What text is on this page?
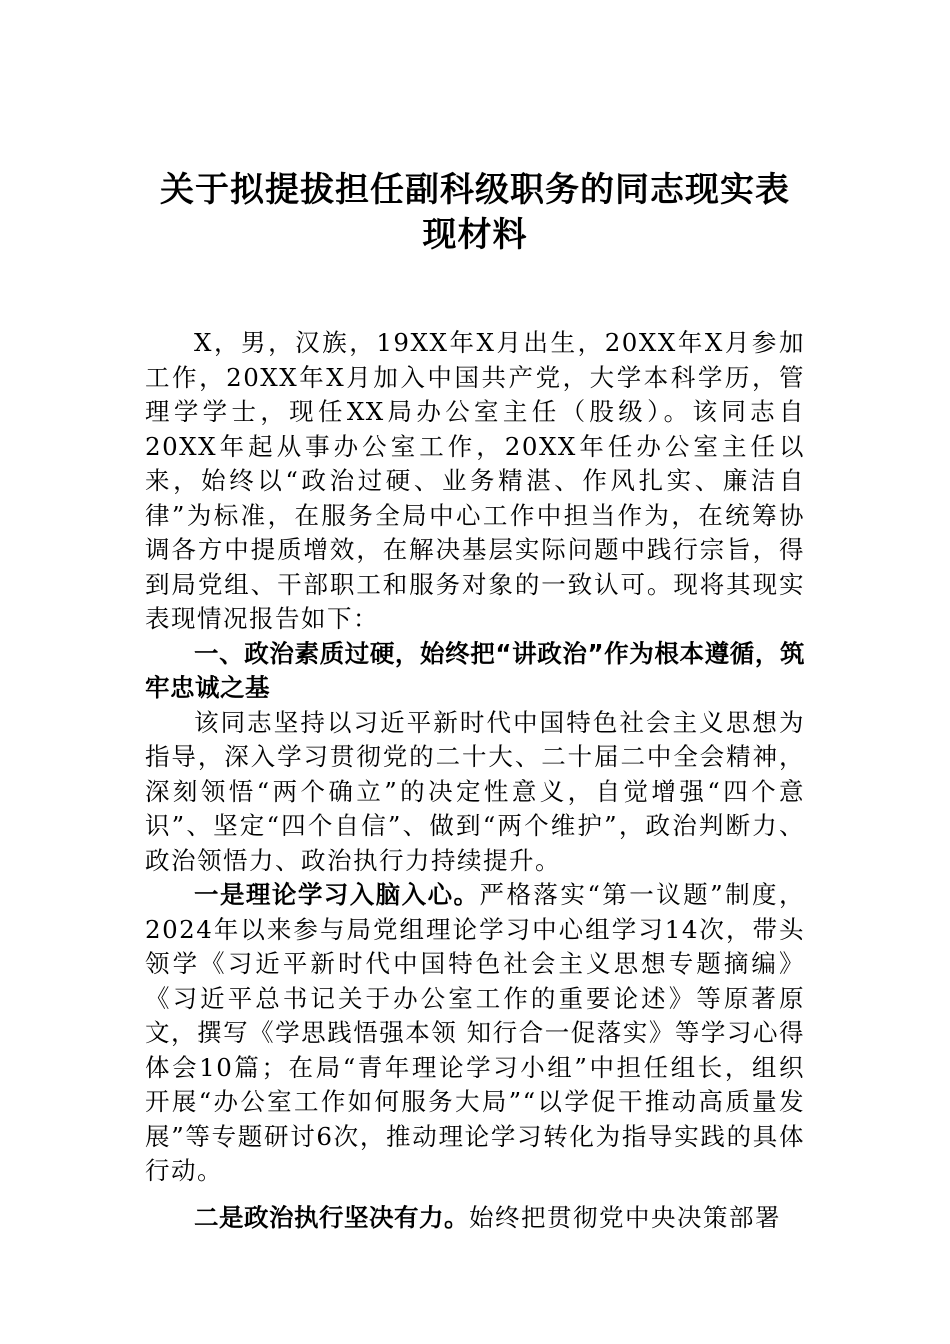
关于拟提拔担任副科级职务的同志现实表
现材料

X，男，汉族，19XX年X月出生，20XX年X月参加工作，20XX年X月加入中国共产党，大学本科学历，管理学学士，现任XX局办公室主任（股级）。该同志自20XX年起从事办公室工作，20XX年任办公室主任以来，始终以“政治过硬、业务精湛、作风扎实、廉洁自律”为标准，在服务全局中心工作中担当作为，在统筹协调各方中提质增效，在解决基层实际问题中践行宗旨，得到局党组、干部职工和服务对象的一致认可。现将其现实表现情况报告如下：

一、政治素质过硬，始终把“讲政治”作为根本遵循，筑牢忠诚之基

该同志坚持以习近平新时代中国特色社会主义思想为指导，深入学习贯彻党的二十大、二十届二中全会精神，深刻领悟“两个确立”的决定性意义，自觉增强“四个意识”、坚定“四个自信”、做到“两个维护”，政治判断力、政治领悟力、政治执行力持续提升。

一是理论学习入脑入心。严格落实“第一议题”制度，2024年以来参与局党组理论学习中心组学习14次，带头领学《习近平新时代中国特色社会主义思想专题摘编》《习近平总书记关于办公室工作的重要论述》等原著原文，撰写《学思践悟强本领 知行合一促落实》等学习心得体会10篇；在局“青年理论学习小组”中担任组长，组织开展“办公室工作如何服务大局”“以学促干推动高质量发展”等专题研讨6次，推动理论学习转化为指导实践的具体行动。

二是政治执行坚决有力。始终把贯彻党中央决策部署
